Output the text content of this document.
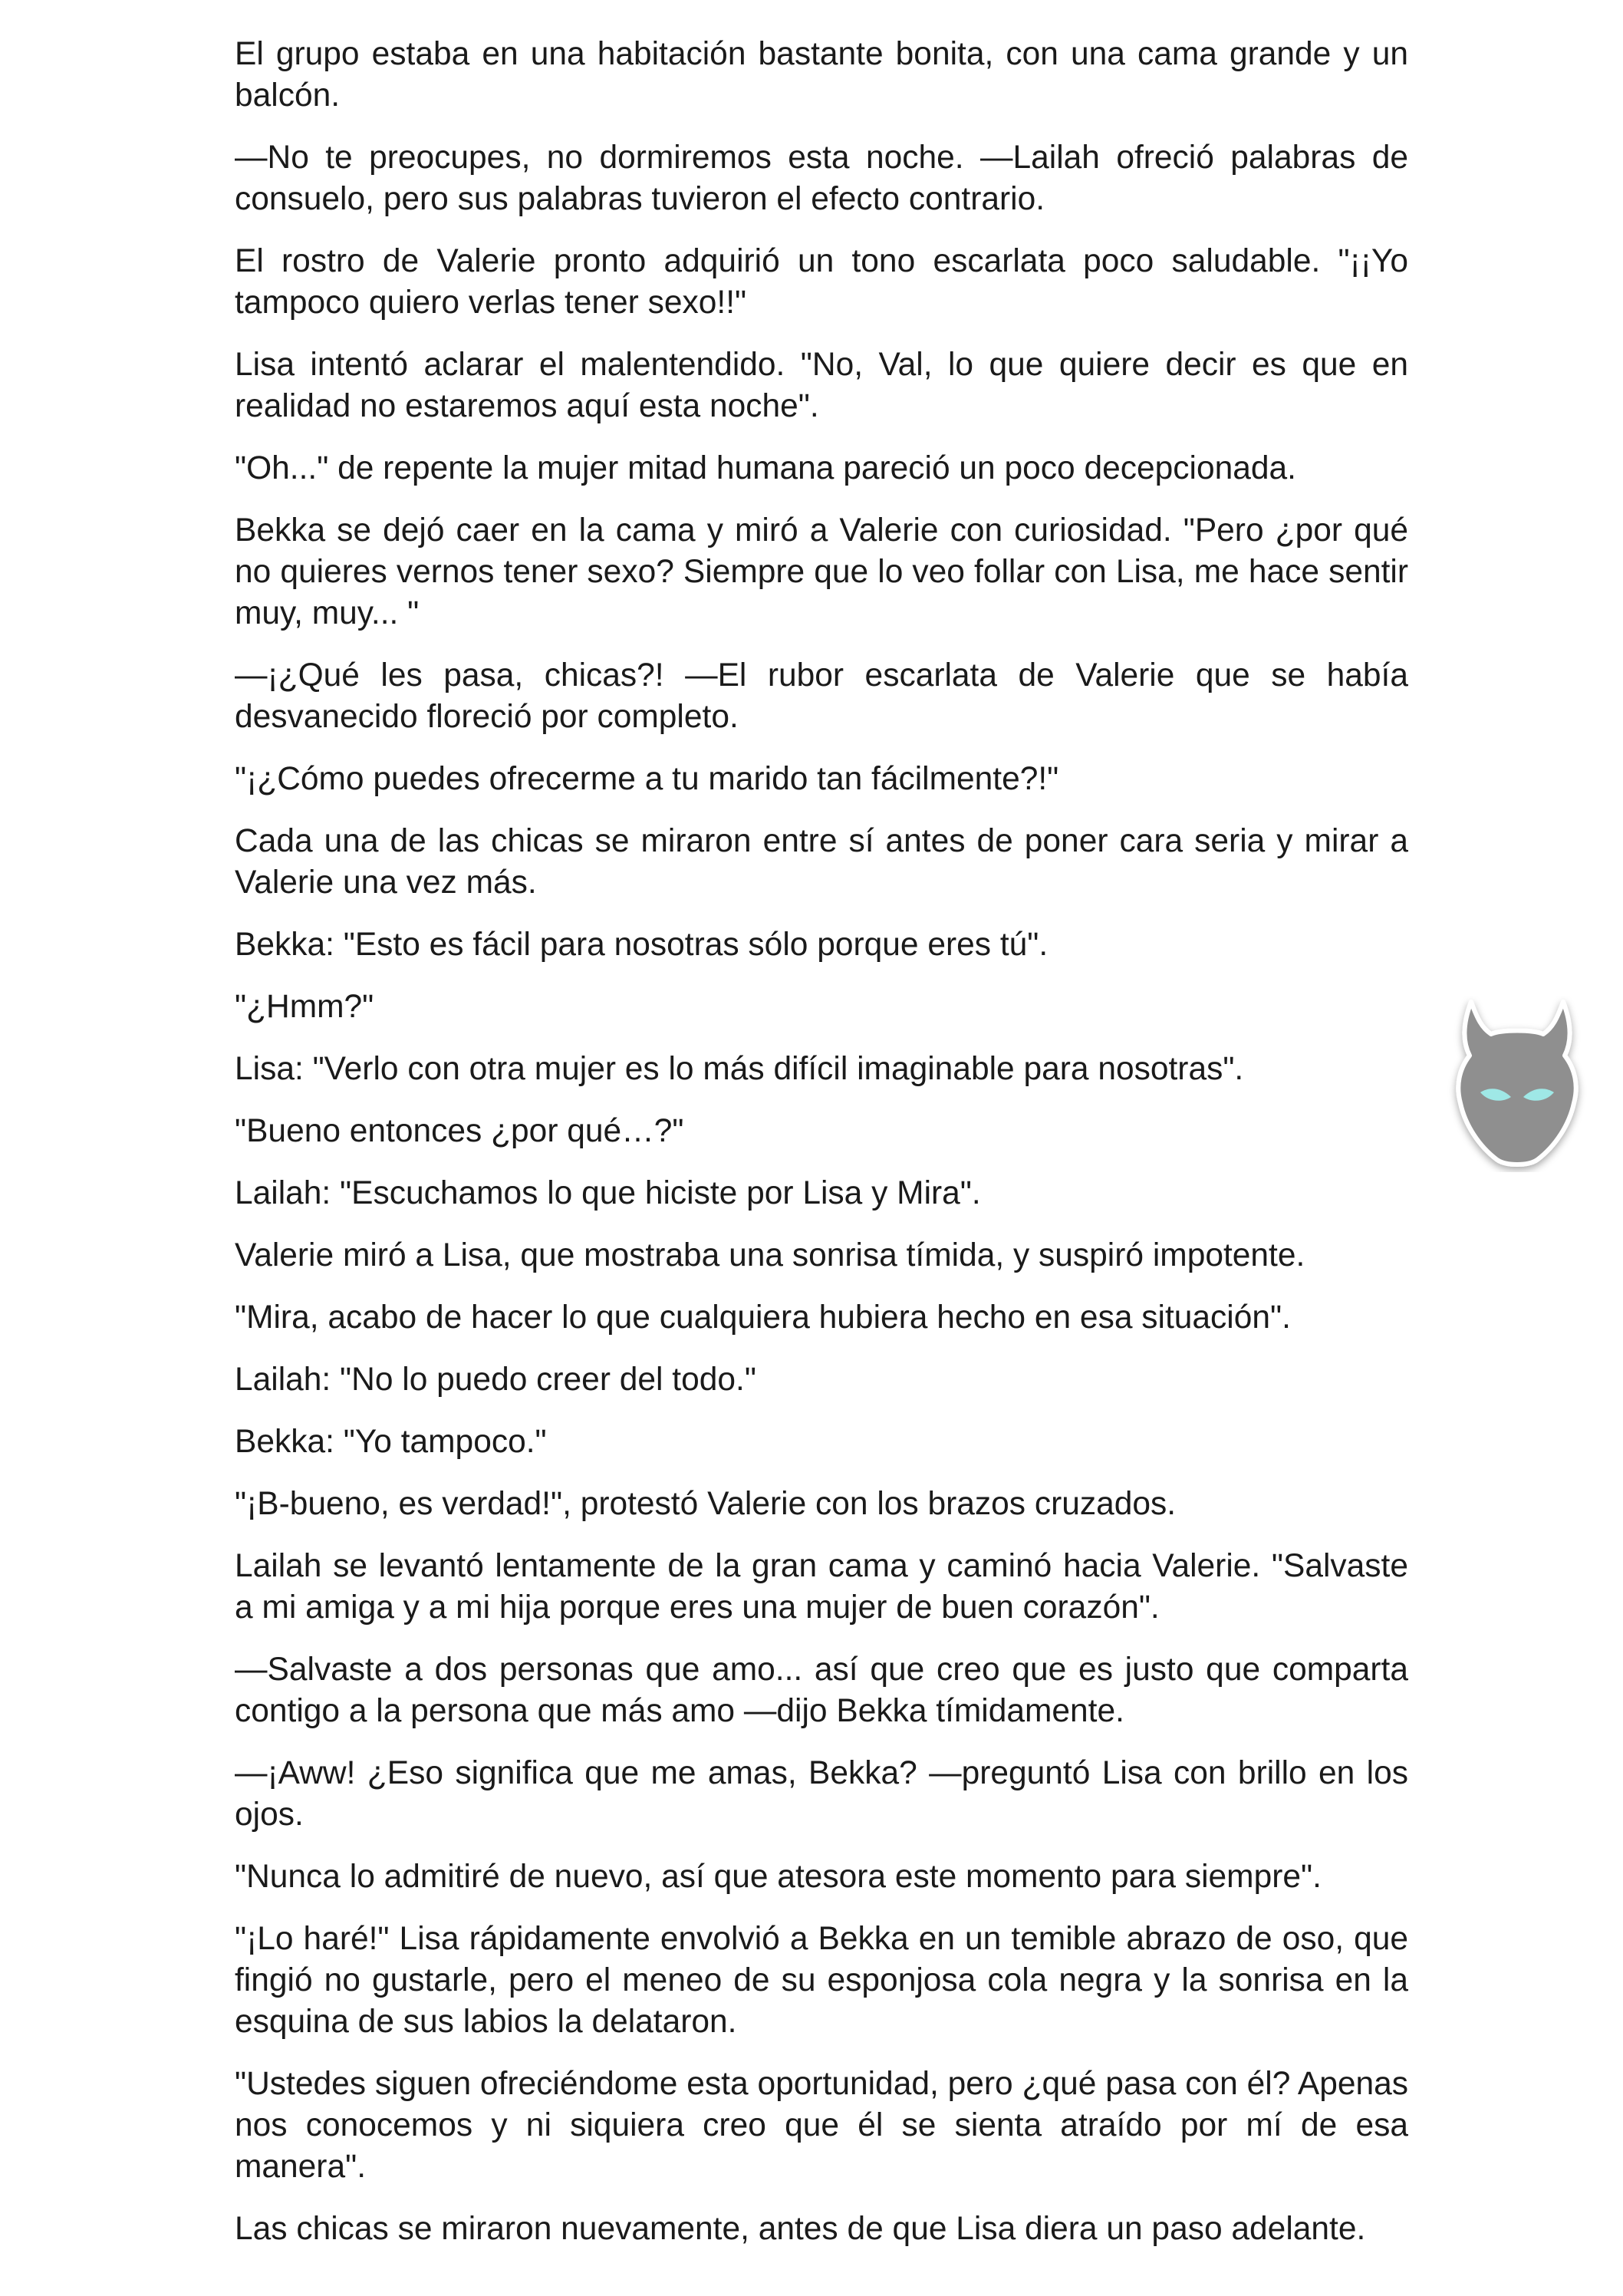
El grupo estaba en una habitación bastante bonita, con una cama grande y un balcón.

—No te preocupes, no dormiremos esta noche. —Lailah ofreció palabras de consuelo, pero sus palabras tuvieron el efecto contrario.

El rostro de Valerie pronto adquirió un tono escarlata poco saludable. "¡¡Yo tampoco quiero verlas tener sexo!!"

Lisa intentó aclarar el malentendido. "No, Val, lo que quiere decir es que en realidad no estaremos aquí esta noche".

"Oh..." de repente la mujer mitad humana pareció un poco decepcionada.

Bekka se dejó caer en la cama y miró a Valerie con curiosidad. "Pero ¿por qué no quieres vernos tener sexo? Siempre que lo veo follar con Lisa, me hace sentir muy, muy... "

—¡¿Qué les pasa, chicas?! —El rubor escarlata de Valerie que se había desvanecido floreció por completo.

"¡¿Cómo puedes ofrecerme a tu marido tan fácilmente?!"

Cada una de las chicas se miraron entre sí antes de poner cara seria y mirar a Valerie una vez más.

Bekka: "Esto es fácil para nosotras sólo porque eres tú".

"¿Hmm?"

Lisa: "Verlo con otra mujer es lo más difícil imaginable para nosotras".

"Bueno entonces ¿por qué…?"

Lailah: "Escuchamos lo que hiciste por Lisa y Mira".

Valerie miró a Lisa, que mostraba una sonrisa tímida, y suspiró impotente.

"Mira, acabo de hacer lo que cualquiera hubiera hecho en esa situación".

Lailah: "No lo puedo creer del todo."

Bekka: "Yo tampoco."

"¡B-bueno, es verdad!", protestó Valerie con los brazos cruzados.

Lailah se levantó lentamente de la gran cama y caminó hacia Valerie. "Salvaste a mi amiga y a mi hija porque eres una mujer de buen corazón".

—Salvaste a dos personas que amo... así que creo que es justo que comparta contigo a la persona que más amo —dijo Bekka tímidamente.

—¡Aww! ¿Eso significa que me amas, Bekka? —preguntó Lisa con brillo en los ojos.

"Nunca lo admitiré de nuevo, así que atesora este momento para siempre".

"¡Lo haré!" Lisa rápidamente envolvió a Bekka en un temible abrazo de oso, que fingió no gustarle, pero el meneo de su esponjosa cola negra y la sonrisa en la esquina de sus labios la delataron.

"Ustedes siguen ofreciéndome esta oportunidad, pero ¿qué pasa con él? Apenas nos conocemos y ni siquiera creo que él se sienta atraído por mí de esa manera".

Las chicas se miraron nuevamente, antes de que Lisa diera un paso adelante.
